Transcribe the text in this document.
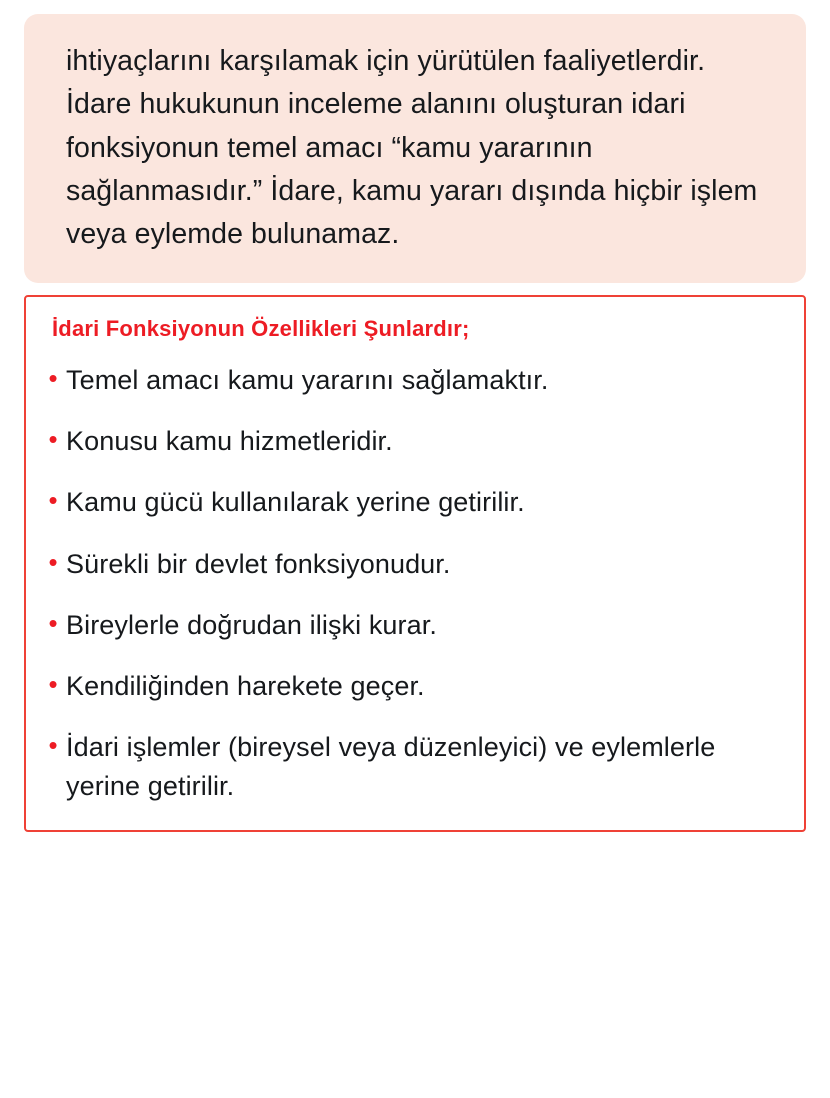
ihtiyaçlarını karşılamak için yürütülen faaliyetlerdir. İdare hukukunun inceleme alanını oluşturan idari fonksiyonun temel amacı “kamu yararının sağlanmasıdır.” İdare, kamu yararı dışında hiçbir işlem veya eylemde bulunamaz.

İdari Fonksiyonun Özellikleri Şunlardır;
• Temel amacı kamu yararını sağlamaktır.
• Konusu kamu hizmetleridir.
• Kamu gücü kullanılarak yerine getirilir.
• Sürekli bir devlet fonksiyonudur.
• Bireylerle doğrudan ilişki kurar.
• Kendiliğinden harekete geçer.
• İdari işlemler (bireysel veya düzenleyici) ve eylemlerle yerine getirilir.
